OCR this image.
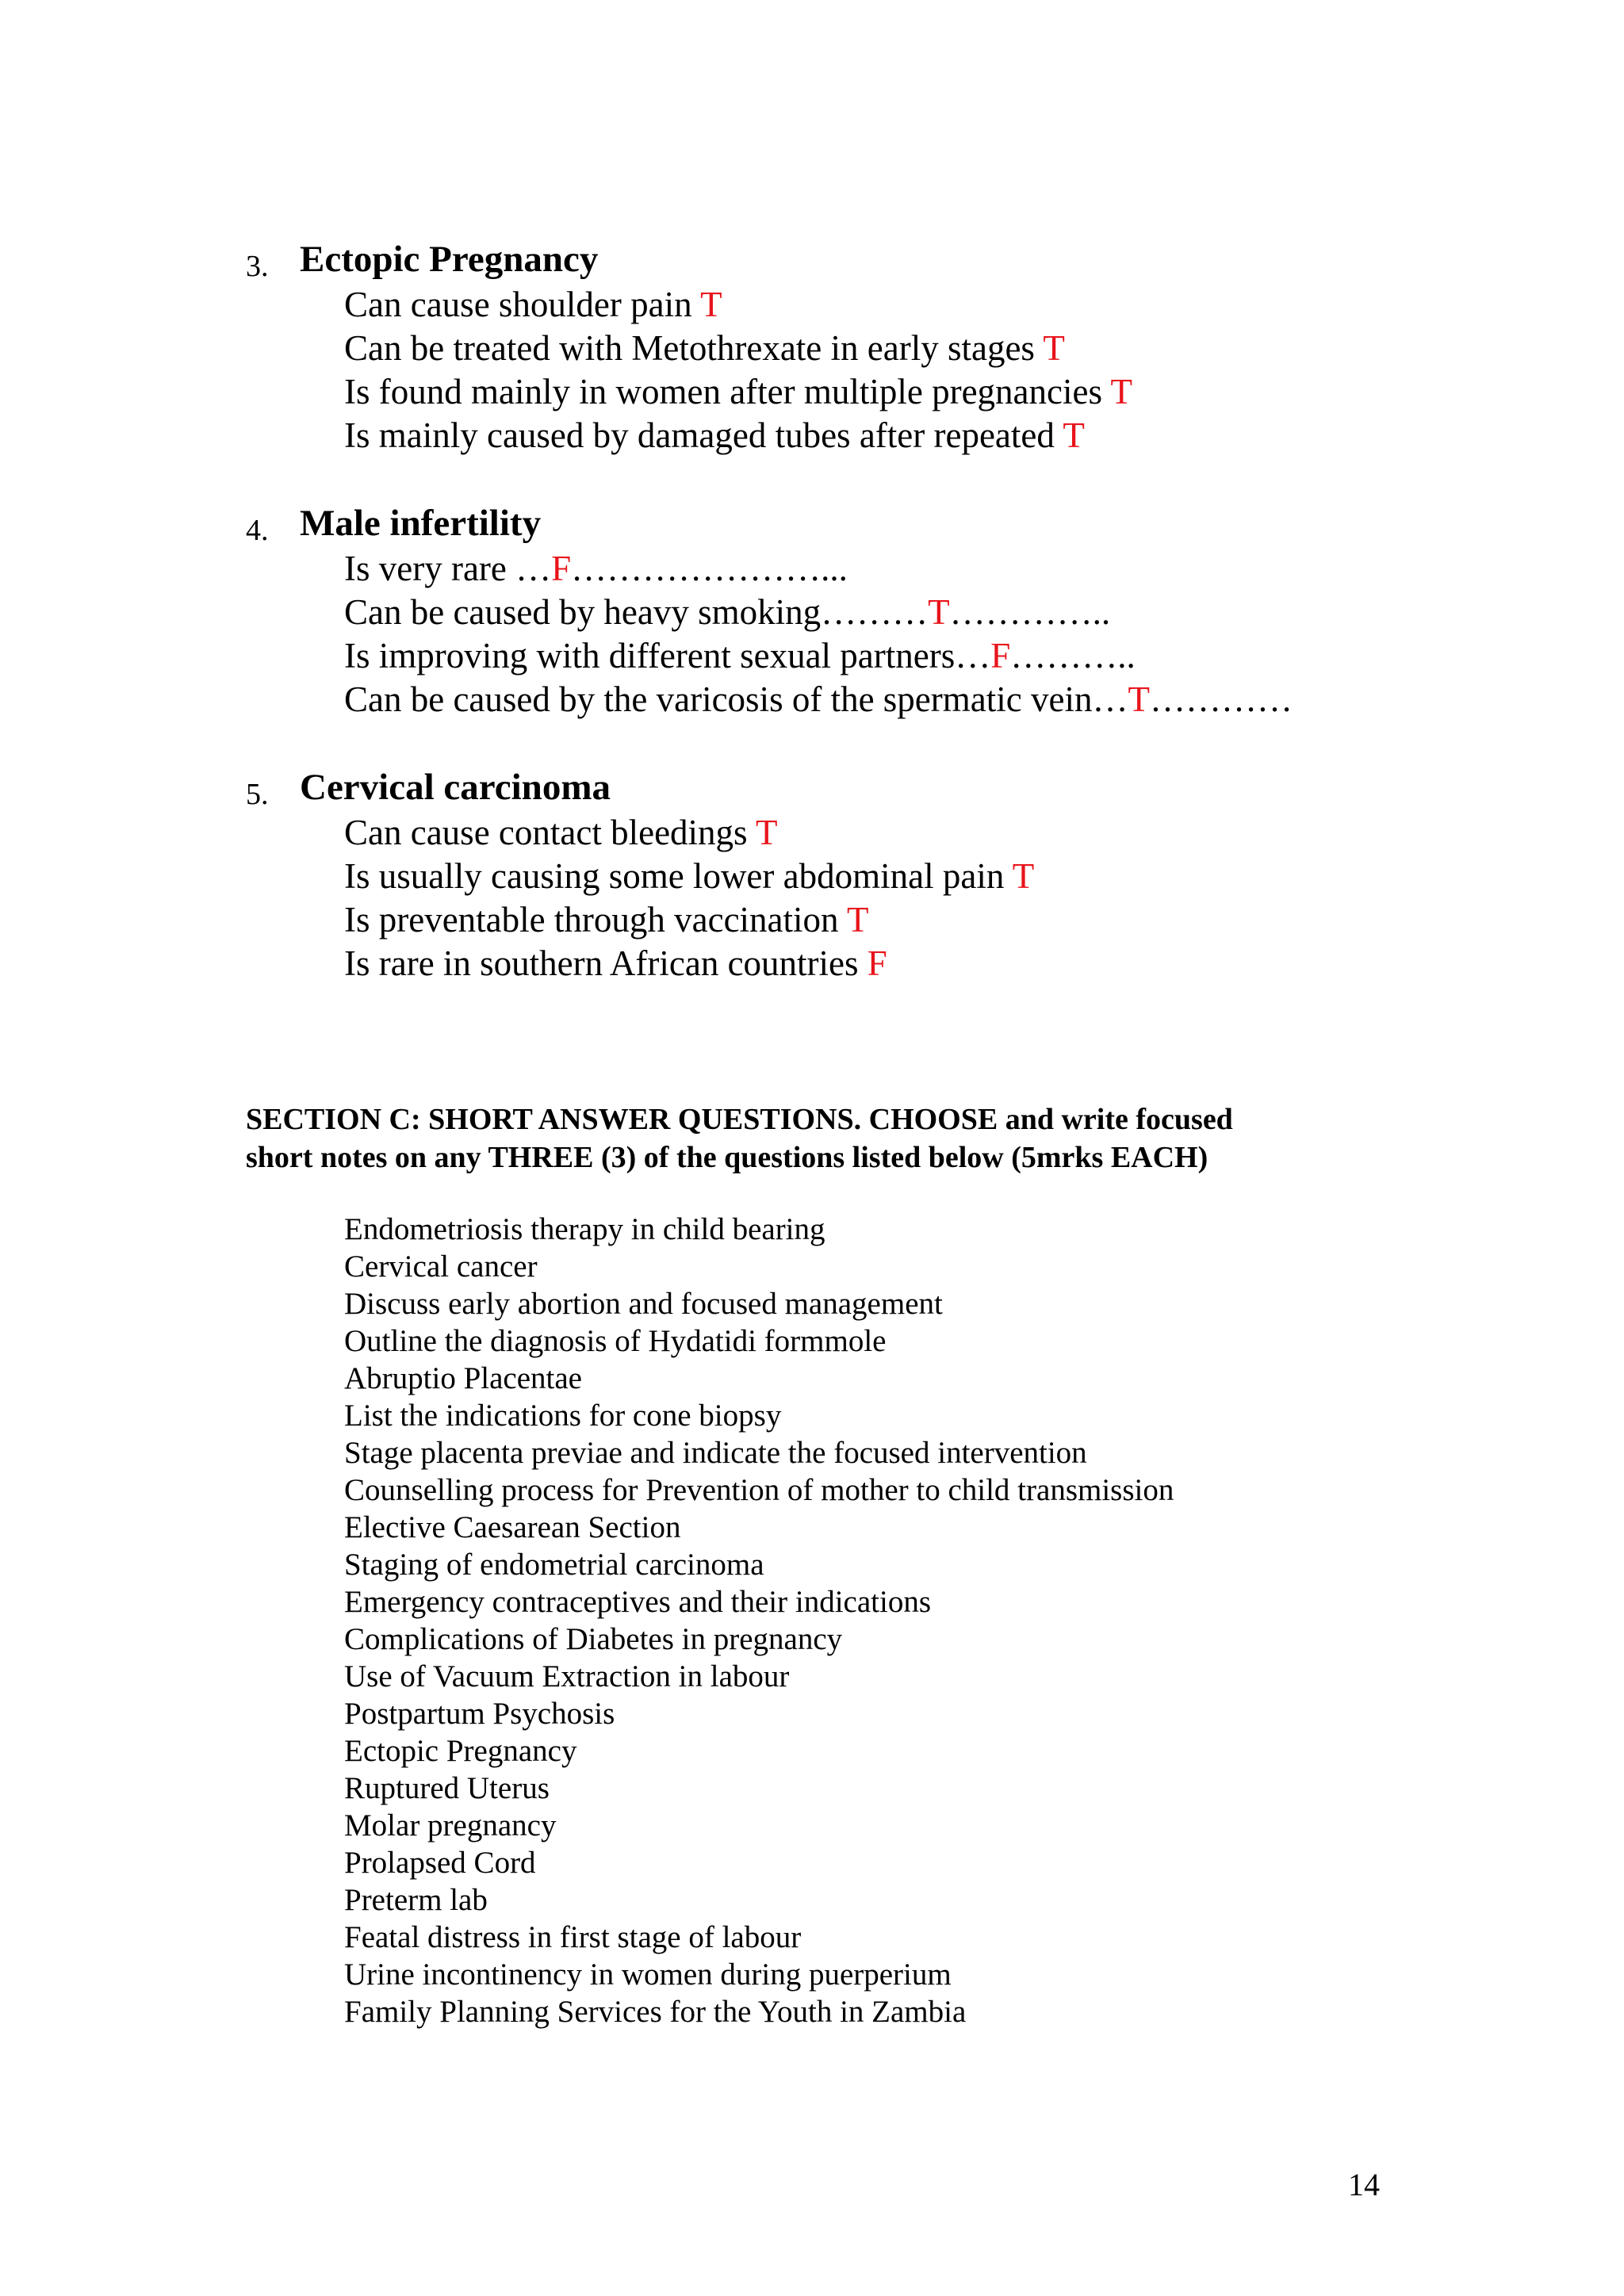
3. Ectopic Pregnancy
Can cause shoulder pain T
Can be treated with Metothrexate in early stages T
Is found mainly in women after multiple pregnancies T
Is mainly caused by damaged tubes after repeated T
4. Male infertility
Is very rare …F…………………...
Can be caused by heavy smoking………T…………..
Is improving with different sexual partners…F………..
Can be caused by the varicosis of the spermatic vein…T…………
5. Cervical carcinoma
Can cause contact bleedings T
Is usually causing some lower abdominal pain T
Is preventable through vaccination T
Is rare in southern African countries F
SECTION C: SHORT ANSWER QUESTIONS. CHOOSE and write focused
short notes on any THREE (3) of the questions listed below (5mrks EACH)
Endometriosis therapy in child bearing
Cervical cancer
Discuss early abortion and focused management
Outline the diagnosis of Hydatidi formmole
Abruptio Placentae
List the indications for cone biopsy
Stage placenta previae and indicate the focused intervention
Counselling process for Prevention of mother to child transmission
Elective Caesarean Section
Staging of endometrial carcinoma
Emergency contraceptives and their indications
Complications of Diabetes in pregnancy
Use of Vacuum Extraction in labour
Postpartum Psychosis
Ectopic Pregnancy
Ruptured Uterus
Molar pregnancy
Prolapsed Cord
Preterm lab
Featal distress in first stage of labour
Urine incontinency in women during puerperium
Family Planning Services for the Youth in Zambia
14
